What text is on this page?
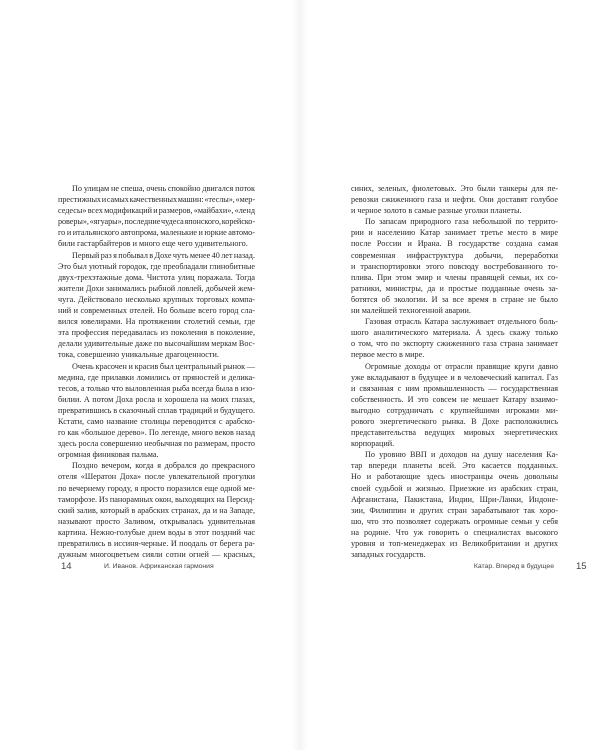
По улицам не спеша, очень спокойно двигался поток
престижных и самых качественных машин: «теслы», «мер-
седесы» всех модификаций и размеров, «майбахи», «ленд
роверы», «ягуары», последние чудеса японского, корейско-
го и итальянского автопрома, маленькие и юркие автомо-
били гастарбайтеров и много еще чего удивительного.
Первый раз я побывал в Дохе чуть менее 40 лет назад.
Это был уютный городок, где преобладали глинобитные
двух-трехэтажные дома. Чистота улиц поражала. Тогда
жители Дохи занимались рыбной ловлей, добычей жем-
чуга. Действовало несколько крупных торговых компа-
ний и современных отелей. Но больше всего город сла-
вился ювелирами. На протяжении столетий семьи, где
эта профессия передавалась из поколения в поколение,
делали удивительные даже по высочайшим меркам Вос-
тока, совершенно уникальные драгоценности.
Очень красочен и красив был центральный рынок —
медина, где прилавки ломились от пряностей и делика-
тесов, а только что выловленная рыба всегда была в изо-
билии. А потом Доха росла и хорошела на моих глазах,
превратившись в сказочный сплав традиций и будущего.
Кстати, само название столицы переводится с арабско-
го как «большое дерево». По легенде, много веков назад
здесь росла совершенно необычная по размерам, просто
огромная финиковая пальма.
Поздно вечером, когда я добрался до прекрасного
отеля «Шератон Доха» после увлекательной прогулки
по вечернему городу, я просто поразился еще одной ме-
таморфозе. Из панорамных окон, выходящих на Персид-
ский залив, который в арабских странах, да и на Западе,
называют просто Заливом, открывалась удивительная
картина. Нежно-голубые днем воды в этот поздний час
превратились в иссиня-черные. И поодаль от берега ра-
дужным многоцветьем сияли сотни огней — красных,
синих, зеленых, фиолетовых. Это были танкеры для пе-
ревозки сжиженного газа и нефти. Они доставят голубое
и черное золото в самые разные уголки планеты.
По запасам природного газа небольшой по террито-
рии и населению Катар занимает третье место в мире
после России и Ирана. В государстве создана самая
современная инфраструктура добычи, переработки
и транспортировки этого повсюду востребованного то-
плива. При этом эмир и члены правящей семьи, их со-
ратники, министры, да и простые подданные очень за-
ботятся об экологии. И за все время в стране не было
ни малейшей техногенной аварии.
Газовая отрасль Катара заслуживает отдельного боль-
шого аналитического материала. А здесь скажу только
о том, что по экспорту сжиженного газа страна занимает
первое место в мире.
Огромные доходы от отрасли правящие круги давно
уже вкладывают в будущее и в человеческий капитал. Газ
и связанная с ним промышленность — государственная
собственность. И это совсем не мешает Катару взаимо-
выгодно сотрудничать с крупнейшими игроками ми-
рового энергетического рынка. В Дохе расположились
представительства ведущих мировых энергетических
корпораций.
По уровню ВВП и доходов на душу населения Ка-
тар впереди планеты всей. Это касается подданных.
Но и работающие здесь иностранцы очень довольны
своей судьбой и жизнью. Приезжие из арабских стран,
Афганистана, Пакистана, Индии, Шри-Ланки, Индоне-
зии, Филиппин и других стран зарабатывают так хоро-
шо, что это позволяет содержать огромные семьи у себя
на родине. Что уж говорить о специалистах высокого
уровня и топ-менеджерах из Великобритании и других
западных государств.
14	И. Иванов. Африканская гармония	Катар. Вперед в будущее 15
